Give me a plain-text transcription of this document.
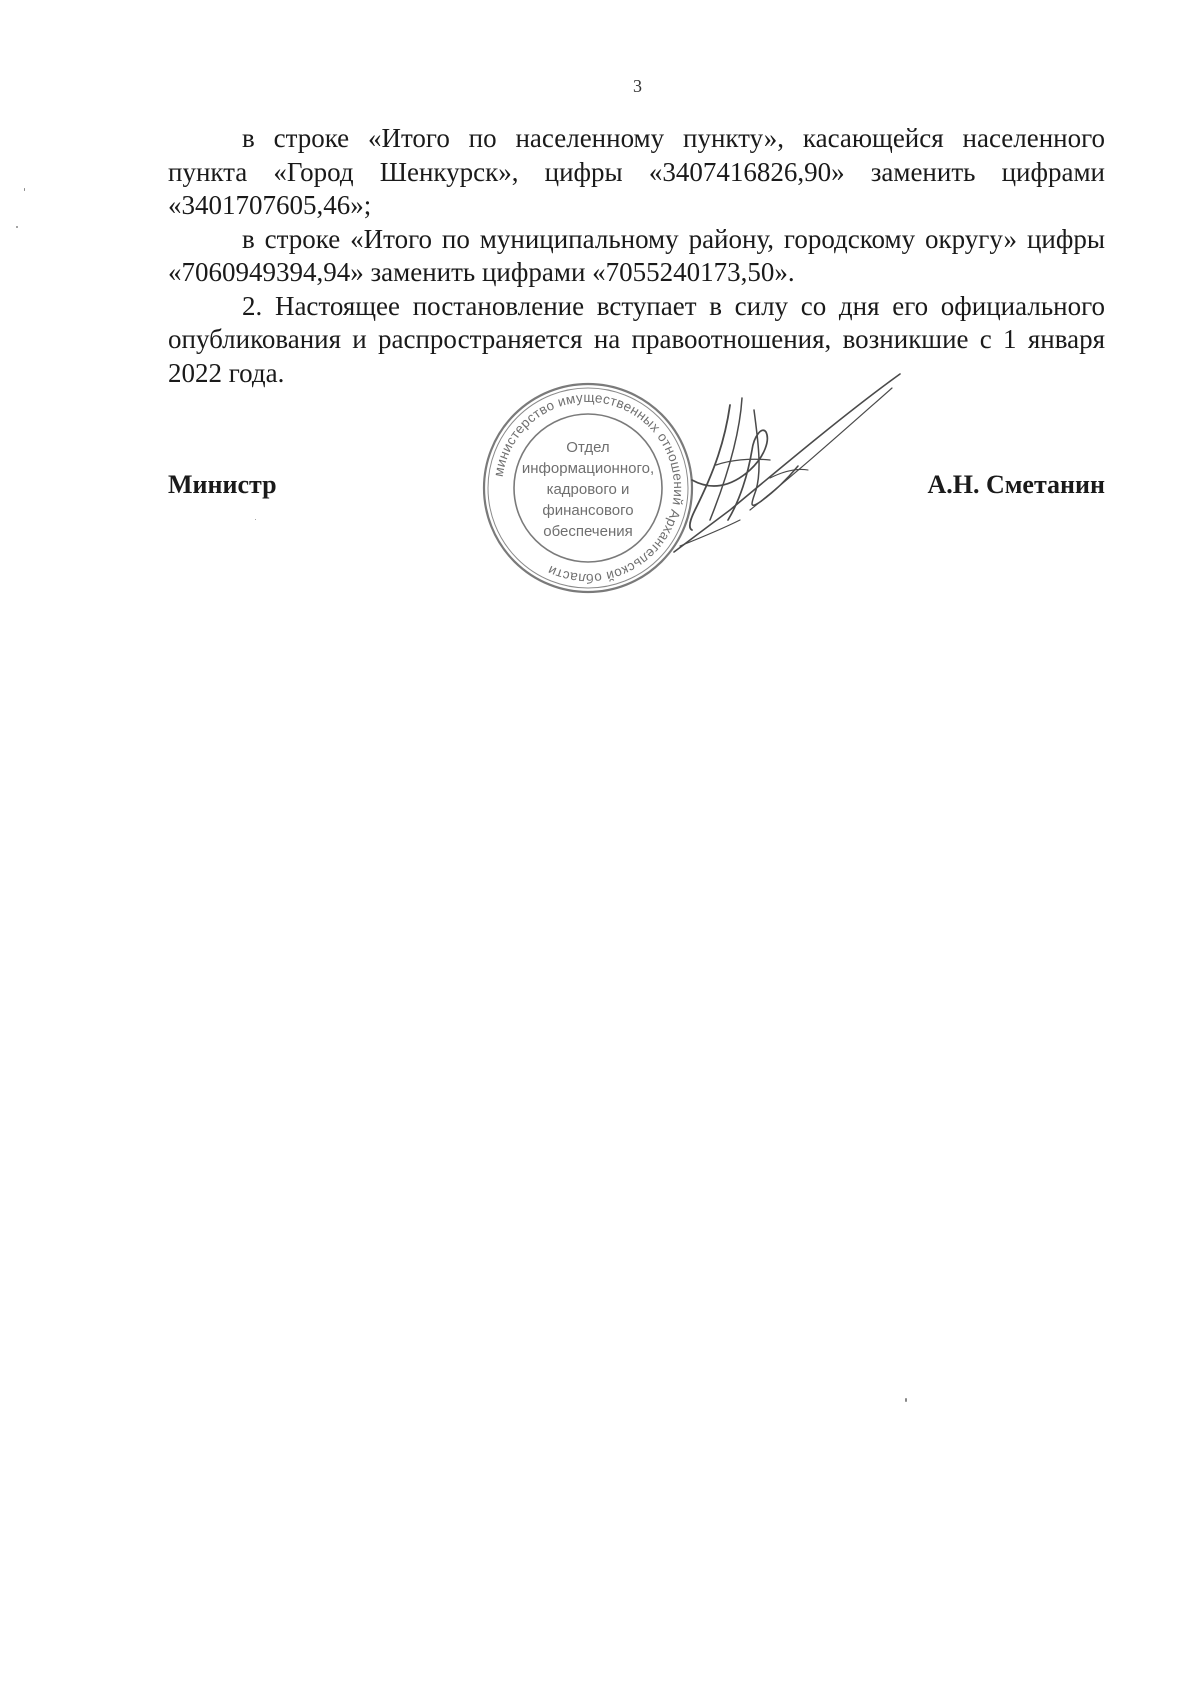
3

в строке «Итого по населенному пункту», касающейся населенного пункта «Город Шенкурск», цифры «3407416826,90» заменить цифрами «3401707605,46»;

в строке «Итого по муниципальному району, городскому округу» цифры «7060949394,94» заменить цифрами «7055240173,50».

2. Настоящее постановление вступает в силу со дня его официального опубликования и распространяется на правоотношения, возникшие с 1 января 2022 года.

министерство имущественных отношений Архангельской области
Отдел
информационного,
кадрового и
финансового
обеспечения
Министр	А.Н. Сметанин
